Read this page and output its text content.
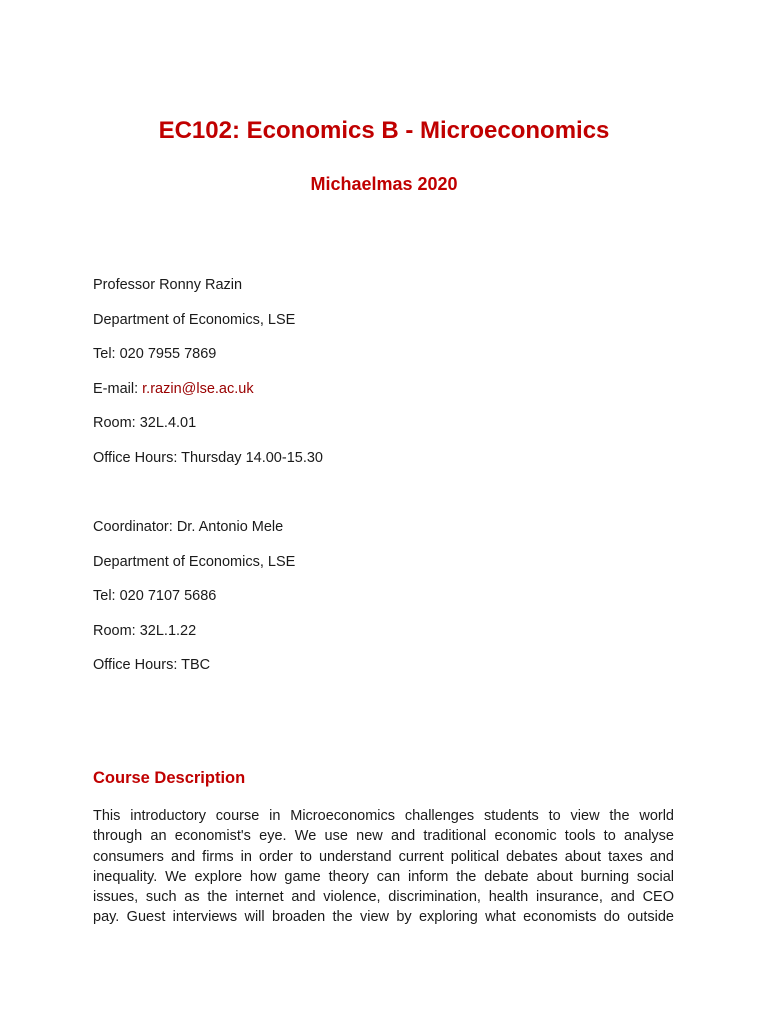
EC102: Economics B - Microeconomics
Michaelmas 2020
Professor Ronny Razin
Department of Economics, LSE
Tel: 020 7955 7869
E-mail: r.razin@lse.ac.uk
Room: 32L.4.01
Office Hours: Thursday 14.00-15.30
Coordinator: Dr. Antonio Mele
Department of Economics, LSE
Tel: 020 7107 5686
Room: 32L.1.22
Office Hours: TBC
Course Description
This introductory course in Microeconomics challenges students to view the world
through an economist's eye. We use new and traditional economic tools to analyse
consumers and firms in order to understand current political debates about taxes and
inequality. We explore how game theory can inform the debate about burning social
issues, such as the internet and violence, discrimination, health insurance, and CEO
pay. Guest interviews will broaden the view by exploring what economists do outside
